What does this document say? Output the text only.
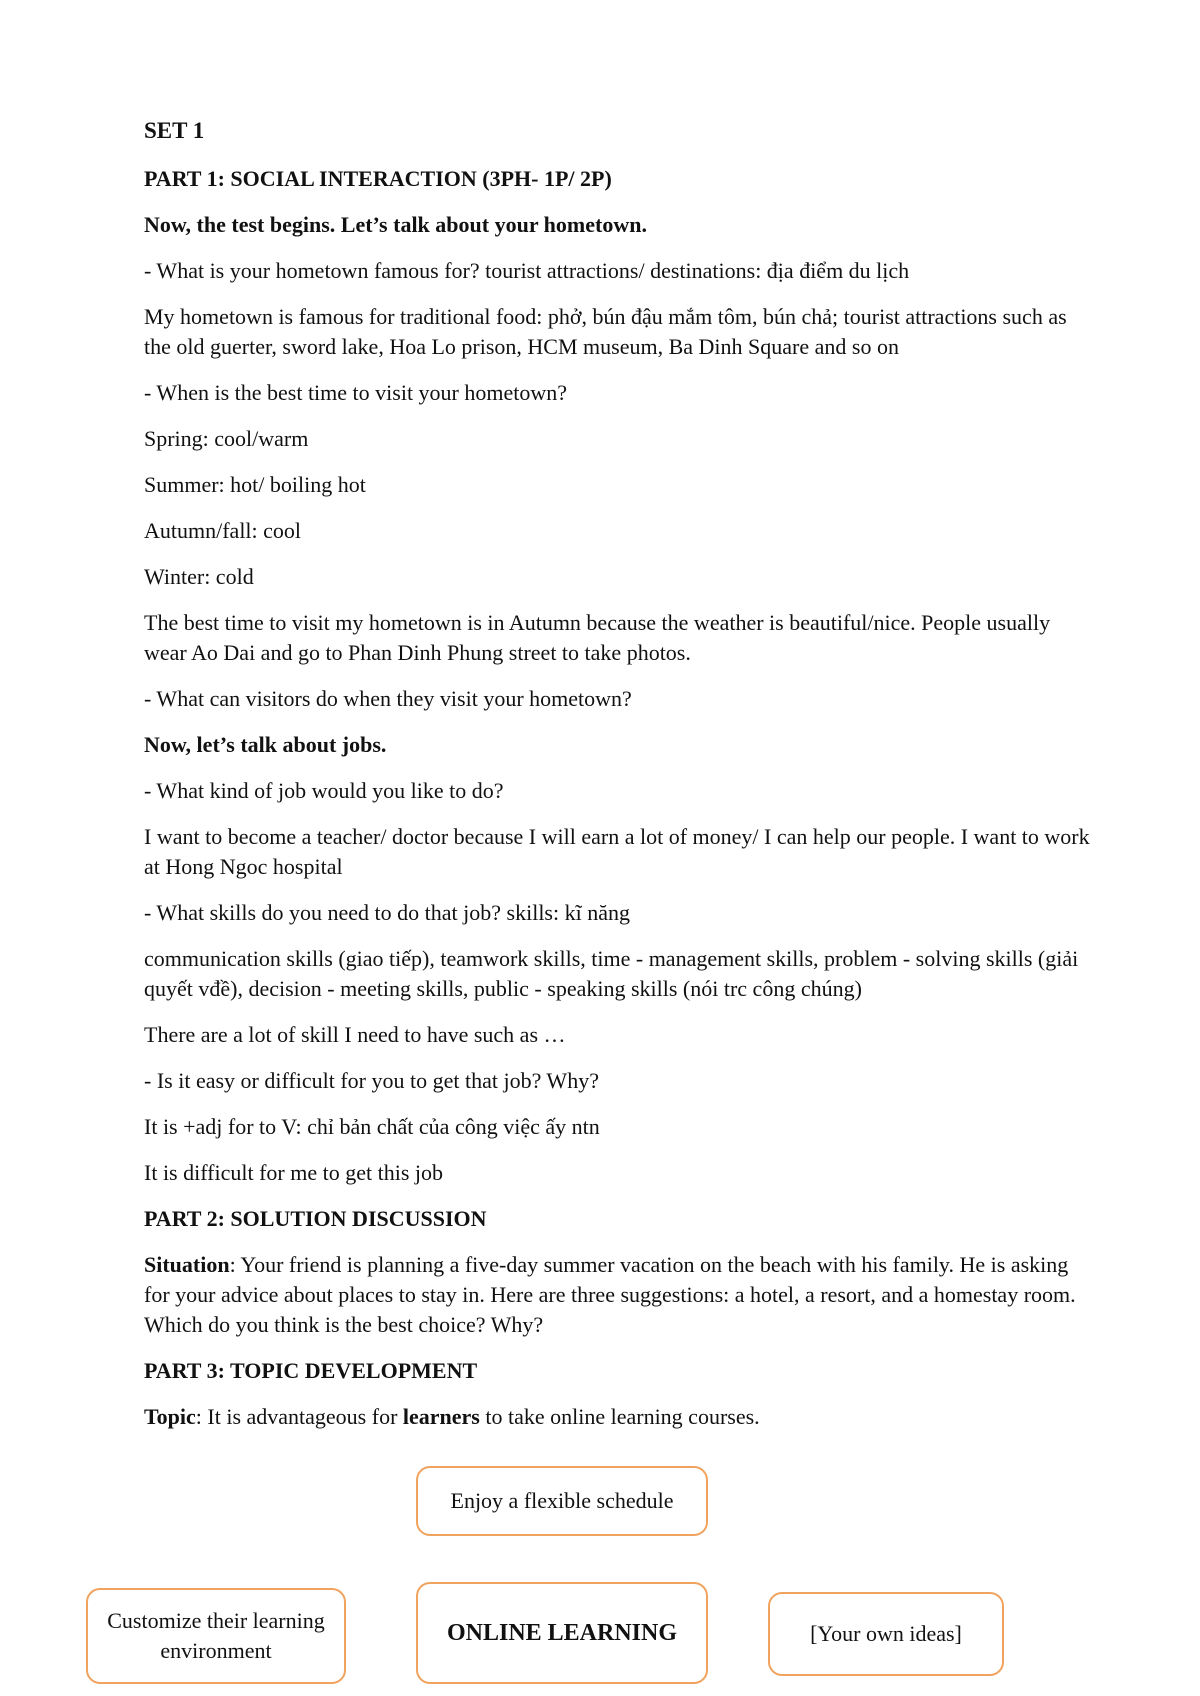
SET 1
PART 1: SOCIAL INTERACTION (3PH- 1P/ 2P)
Now, the test begins. Let’s talk about your hometown.
- What is your hometown famous for? tourist attractions/ destinations: địa điểm du lịch
My hometown is famous for traditional food: phở, bún đậu mắm tôm, bún chả; tourist attractions such as the old guerter, sword lake, Hoa Lo prison, HCM museum, Ba Dinh Square and so on
- When is the best time to visit your hometown?
Spring: cool/warm
Summer: hot/ boiling hot
Autumn/fall: cool
Winter: cold
The best time to visit my hometown is in Autumn because the weather is beautiful/nice. People usually wear Ao Dai and go to Phan Dinh Phung street to take photos.
- What can visitors do when they visit your hometown?
Now, let’s talk about jobs.
- What kind of job would you like to do?
I want to become a teacher/ doctor because I will earn a lot of money/ I can help our people. I want to work at Hong Ngoc hospital
- What skills do you need to do that job? skills: kĩ năng
communication skills (giao tiếp), teamwork skills, time - management skills, problem - solving skills (giải quyết vđề), decision - meeting skills, public - speaking skills (nói trc công chúng)
There are a lot of skill I need to have such as …
- Is it easy or difficult for you to get that job? Why?
It is +adj for to V: chỉ bản chất của công việc ấy ntn
It is difficult for me to get this job
PART 2: SOLUTION DISCUSSION
Situation: Your friend is planning a five-day summer vacation on the beach with his family. He is asking for your advice about places to stay in. Here are three suggestions: a hotel, a resort, and a homestay room. Which do you think is the best choice? Why?
PART 3: TOPIC DEVELOPMENT
Topic: It is advantageous for learners to take online learning courses.
Enjoy a flexible schedule
Customize their learning environment
ONLINE LEARNING	[Your own ideas]
